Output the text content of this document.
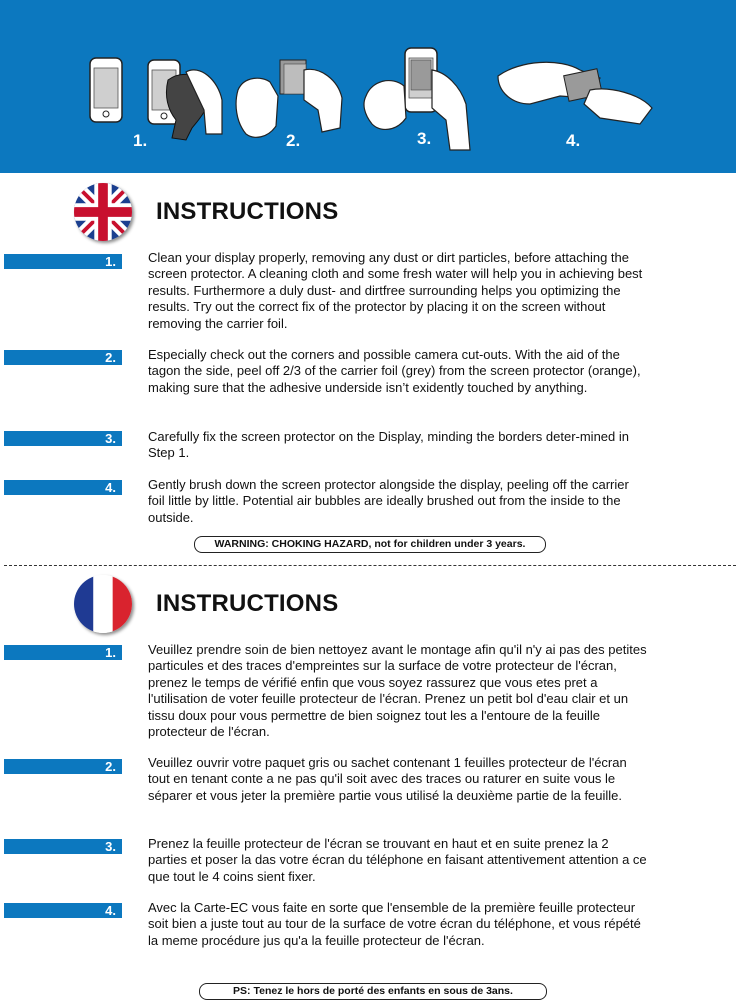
1.	2.	3.	4.
INSTRUCTIONS
1.	Clean your display properly, removing any dust or dirt particles, before attaching the screen protector. A cleaning cloth and some fresh water will help you in achieving best results. Furthermore a duly dust- and dirtfree surrounding helps you optimizing the results. Try out the correct fix of the protector by placing it on the screen without removing the carrier foil.

2.	Especially check out the corners and possible camera cut-outs. With the aid of the tagon the side, peel off 2/3 of the carrier foil (grey) from the screen protector (orange), making sure that the adhesive underside isn’t exidently touched by anything.

3.	Carefully fix the screen protector on the Display, minding the borders deter-mined in Step 1.

4.	Gently brush down the screen protector alongside the display, peeling off the carrier foil little by little. Potential air bubbles are ideally brushed out from the inside to the outside.

WARNING: CHOKING HAZARD, not for children under 3 years.
INSTRUCTIONS
1.	Veuillez prendre soin de bien nettoyez avant le montage afin qu'il n'y ai pas des petites particules et des traces d'empreintes sur la surface de votre protecteur de l'écran, prenez le temps de vérifié enfin que vous soyez rassurez que vous etes pret a l'utilisation de voter feuille protecteur de l'écran. Prenez un petit bol d'eau clair et un tissu doux pour vous permettre de bien soignez tout les a l'entoure de la feuille protecteur de l'écran.

2.	Veuillez ouvrir votre paquet gris ou sachet contenant 1 feuilles protecteur de l'écran tout en tenant conte a ne pas qu'il soit avec des traces ou raturer en suite vous le séparer et vous jeter la première partie vous utilisé la deuxième partie de la feuille.

3.	Prenez la feuille protecteur de l'écran se trouvant en haut et en suite prenez la 2 parties et poser la das votre écran du téléphone en faisant attentivement attention a ce que tout le 4 coins sient fixer.

4.	Avec la Carte-EC vous faite en sorte que l'ensemble de la première feuille protecteur soit bien a juste tout au tour de la surface de votre écran du téléphone, et vous répété la meme procédure jus qu'a la feuille protecteur de l'écran.

PS: Tenez le hors de porté des enfants en sous de 3ans.
